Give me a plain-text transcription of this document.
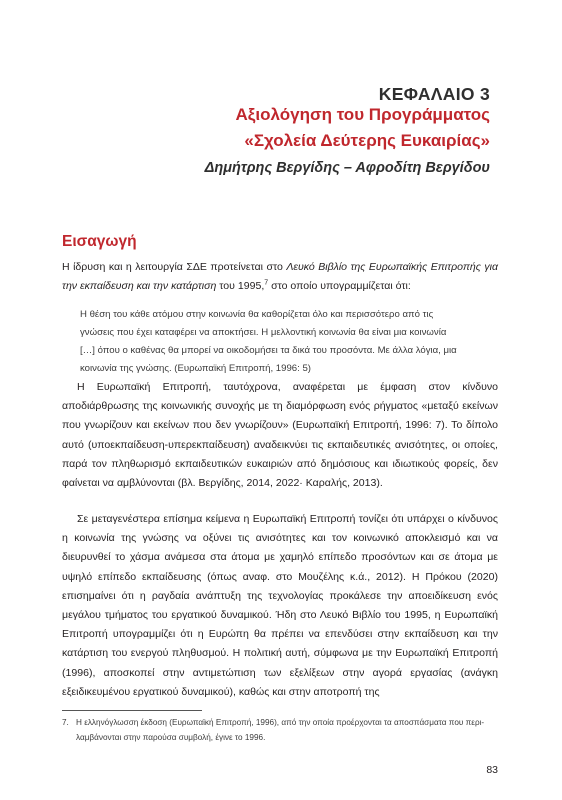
ΚΕΦΑΛΑΙΟ 3
Αξιολόγηση του Προγράμματος
«Σχολεία Δεύτερης Ευκαιρίας»
Δημήτρης Βεργίδης – Αφροδίτη Βεργίδου
Εισαγωγή

Η ίδρυση και η λειτουργία ΣΔΕ προτείνεται στο Λευκό Βιβλίο της Ευρωπαϊκής Επιτροπής για την εκπαίδευση και την κατάρτιση του 1995,$^7$ στο οποίο υπογραμμίζεται ότι:

Η θέση του κάθε ατόμου στην κοινωνία θα καθορίζεται όλο και περισσότερο από τις γνώσεις που έχει καταφέρει να αποκτήσει. Η μελλοντική κοινωνία θα είναι μια κοινωνία […] όπου ο καθένας θα μπορεί να οικοδομήσει τα δικά του προσόντα. Με άλλα λόγια, μια κοινωνία της γνώσης. (Ευρωπαϊκή Επιτροπή, 1996: 5)

Η Ευρωπαϊκή Επιτροπή, ταυτόχρονα, αναφέρεται με έμφαση στον κίνδυνο αποδιάρθρωσης της κοινωνικής συνοχής με τη διαμόρφωση ενός ρήγματος «μεταξύ εκείνων που γνωρίζουν και εκείνων που δεν γνωρίζουν» (Ευρωπαϊκή Επιτροπή, 1996: 7). Το δίπολο αυτό (υποεκπαίδευση-υπερεκπαίδευση) αναδεικνύει τις εκπαιδευτικές ανισότητες, οι οποίες, παρά τον πληθωρισμό εκπαιδευτικών ευκαιριών από δημόσιους και ιδιωτικούς φορείς, δεν φαίνεται να αμβλύνονται (βλ. Βεργίδης, 2014, 2022· Καραλής, 2013).

Σε μεταγενέστερα επίσημα κείμενα η Ευρωπαϊκή Επιτροπή τονίζει ότι υπάρχει ο κίνδυνος η κοινωνία της γνώσης να οξύνει τις ανισότητες και τον κοινωνικό αποκλεισμό και να διευρυνθεί το χάσμα ανάμεσα στα άτομα με χαμηλό επίπεδο προσόντων και σε άτομα με υψηλό επίπεδο εκπαίδευσης (όπως αναφ. στο Μουζέλης κ.ά., 2012). Η Πρόκου (2020) επισημαίνει ότι η ραγδαία ανάπτυξη της τεχνολογίας προκάλεσε την αποειδίκευση ενός μεγάλου τμήματος του εργατικού δυναμικού. Ήδη στο Λευκό Βιβλίο του 1995, η Ευρωπαϊκή Επιτροπή υπογραμμίζει ότι η Ευρώπη θα πρέπει να επενδύσει στην εκπαίδευση και την κατάρτιση του ενεργού πληθυσμού. Η πολιτική αυτή, σύμφωνα με την Ευρωπαϊκή Επιτροπή (1996), αποσκοπεί στην αντιμετώπιση των εξελίξεων στην αγορά εργασίας (ανάγκη εξειδικευμένου εργατικού δυναμικού), καθώς και στην αποτροπή της

7. Η ελληνόγλωσση έκδοση (Ευρωπαϊκή Επιτροπή, 1996), από την οποία προέρχονται τα αποσπάσματα που περι-
λαμβάνονται στην παρούσα συμβολή, έγινε το 1996.
83
